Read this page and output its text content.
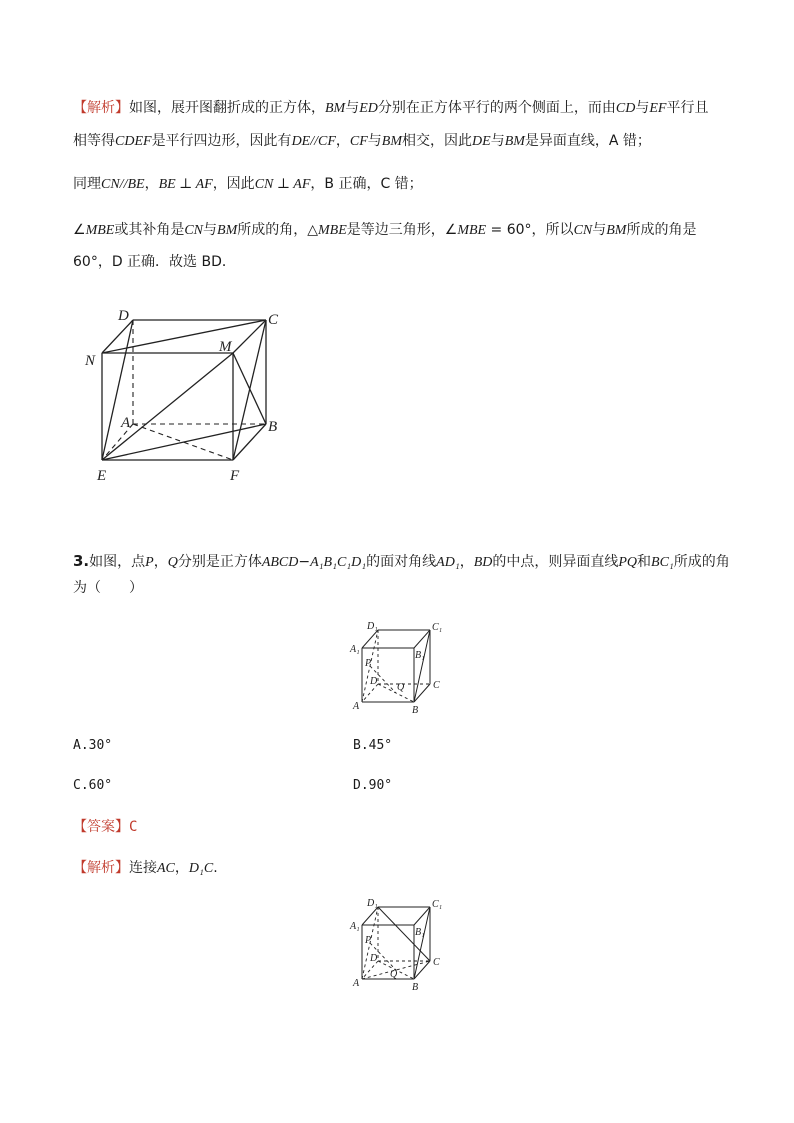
【解析】如图，展开图翻折成的正方体，BM与ED分别在正方体平行的两个侧面上，而由CD与EF平行且
相等得CDEF是平行四边形，因此有DE//CF，CF与BM相交，因此DE与BM是异面直线，A 错；
同理CN//BE，BE ⊥ AF，因此CN ⊥ AF，B 正确，C 错；
∠MBE或其补角是CN与BM所成的角，△MBE是等边三角形，∠MBE = 60°，所以CN与BM所成的角是
60°，D 正确．故选 BD．
D	C
N
M
A	B
E	F
3.如图，点P，Q分别是正方体ABCD−A₁B₁C₁D₁的面对角线AD₁，BD的中点，则异面直线PQ和BC₁所成的角
为（　　）
D₁	C₁
A₁
B₁
P
D
Q	C
A	B
A.30°	B.45°
C.60°	D.90°
【答案】C
【解析】连接AC，D₁C.
D₁	C₁
A₁
B₁
P
D
Q
C
A	B
